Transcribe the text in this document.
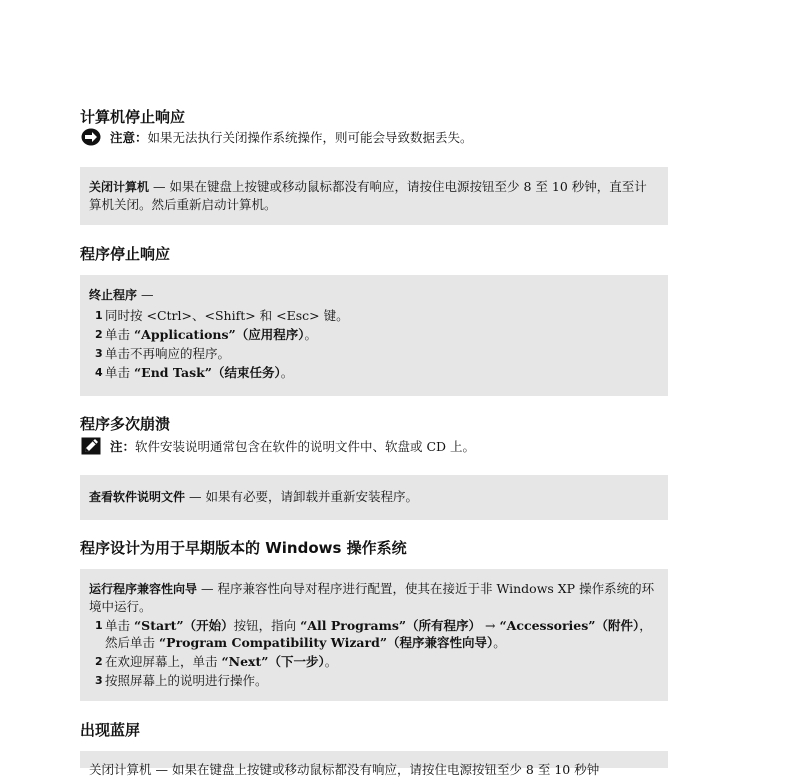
计算机停止响应
注意： 如果无法执行关闭操作系统操作，则可能会导致数据丢失。
关闭计算机 — 如果在键盘上按键或移动鼠标都没有响应，请按住电源按钮至少 8 至 10 秒钟，直至计算机关闭。然后重新启动计算机。
程序停止响应
终止程序 —
1 同时按 <Ctrl>、<Shift> 和 <Esc> 键。
2 单击 “Applications”（应用程序）。
3 单击不再响应的程序。
4 单击 “End Task”（结束任务）。
程序多次崩溃
注： 软件安装说明通常包含在软件的说明文件中、软盘或 CD 上。
查看软件说明文件 — 如果有必要，请卸载并重新安装程序。
程序设计为用于早期版本的 Windows 操作系统
运行程序兼容性向导 — 程序兼容性向导对程序进行配置，使其在接近于非 Windows XP 操作系统的环境中运行。
1 单击 “Start”（开始）按钮，指向 “All Programs”（所有程序） → “Accessories”（附件），然后单击 “Program Compatibility Wizard”（程序兼容性向导）。
2 在欢迎屏幕上，单击 “Next”（下一步）。
3 按照屏幕上的说明进行操作。
出现蓝屏
关闭计算机 — 如果在键盘上按键或移动鼠标都没有响应，请按住电源按钮至少 8 至 10 秒钟
